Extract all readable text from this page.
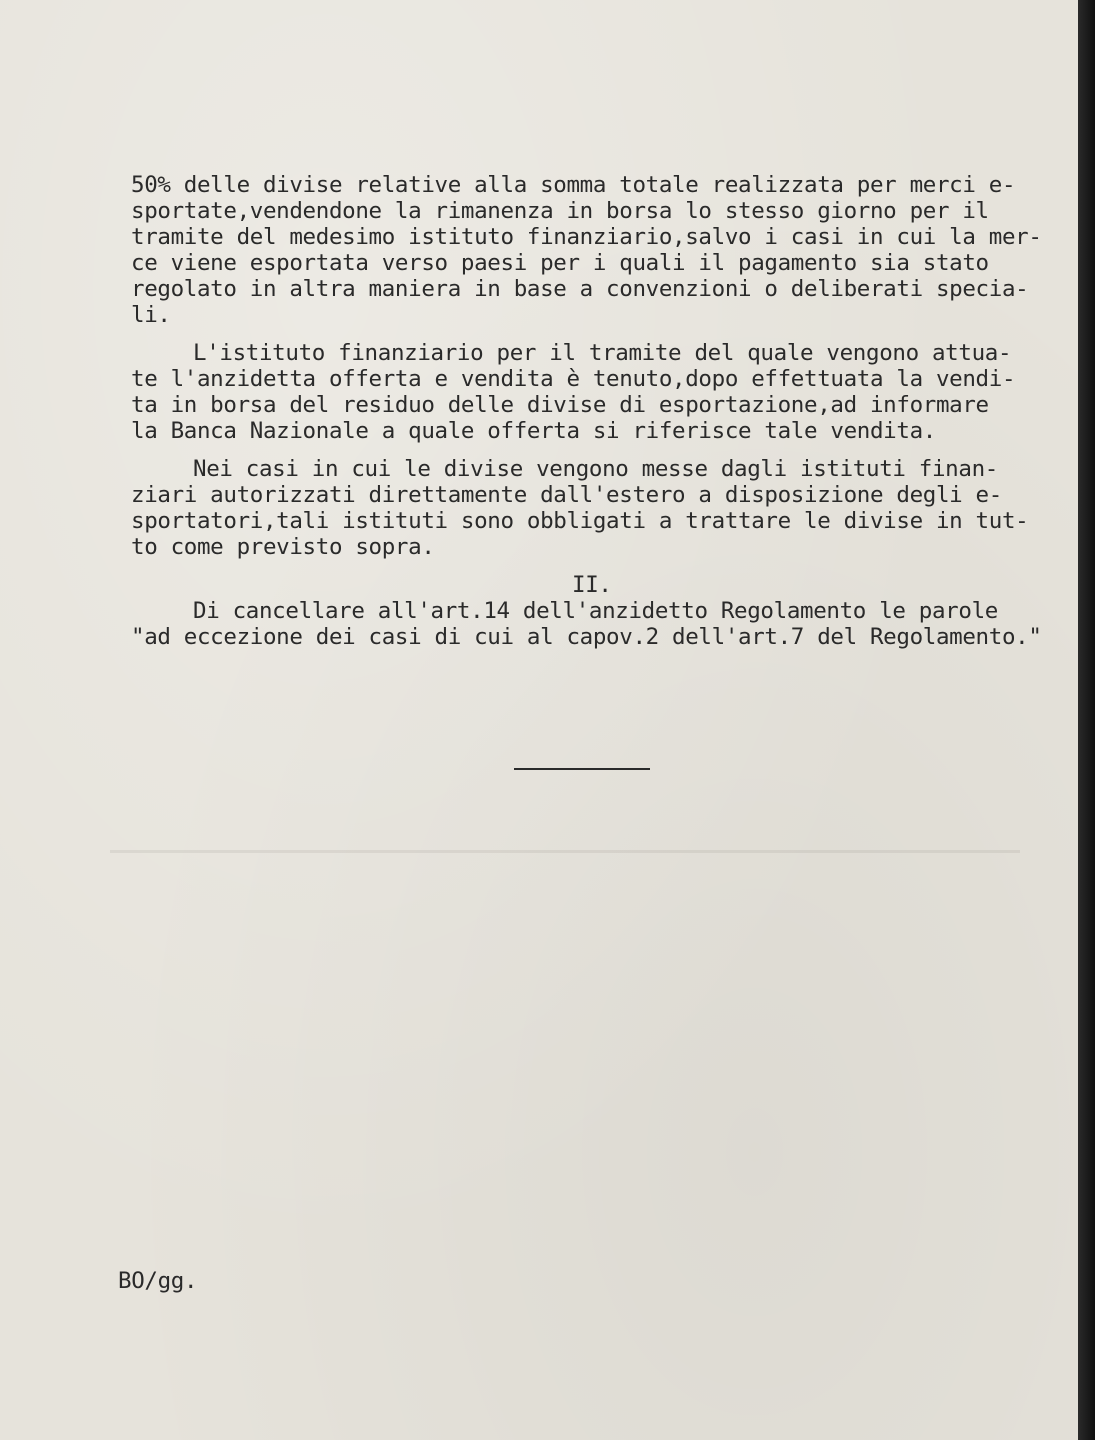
50% delle divise relative alla somma totale realizzata per merci e-
sportate,vendendone la rimanenza in borsa lo stesso giorno per il
tramite del medesimo istituto finanziario,salvo i casi in cui la mer-
ce viene esportata verso paesi per i quali il pagamento sia stato
regolato in altra maniera in base a convenzioni o deliberati specia-
li.
L'istituto finanziario per il tramite del quale vengono attua-
te l'anzidetta offerta e vendita è tenuto,dopo effettuata la vendi-
ta in borsa del residuo delle divise di esportazione,ad informare
la Banca Nazionale a quale offerta si riferisce tale vendita.
Nei casi in cui le divise vengono messe dagli istituti finan-
ziari autorizzati direttamente dall'estero a disposizione degli e-
sportatori,tali istituti sono obbligati a trattare le divise in tut-
to come previsto sopra.
II.
Di cancellare all'art.14 dell'anzidetto Regolamento le parole
"ad eccezione dei casi di cui al capov.2 dell'art.7 del Regolamento."
BO/gg.
